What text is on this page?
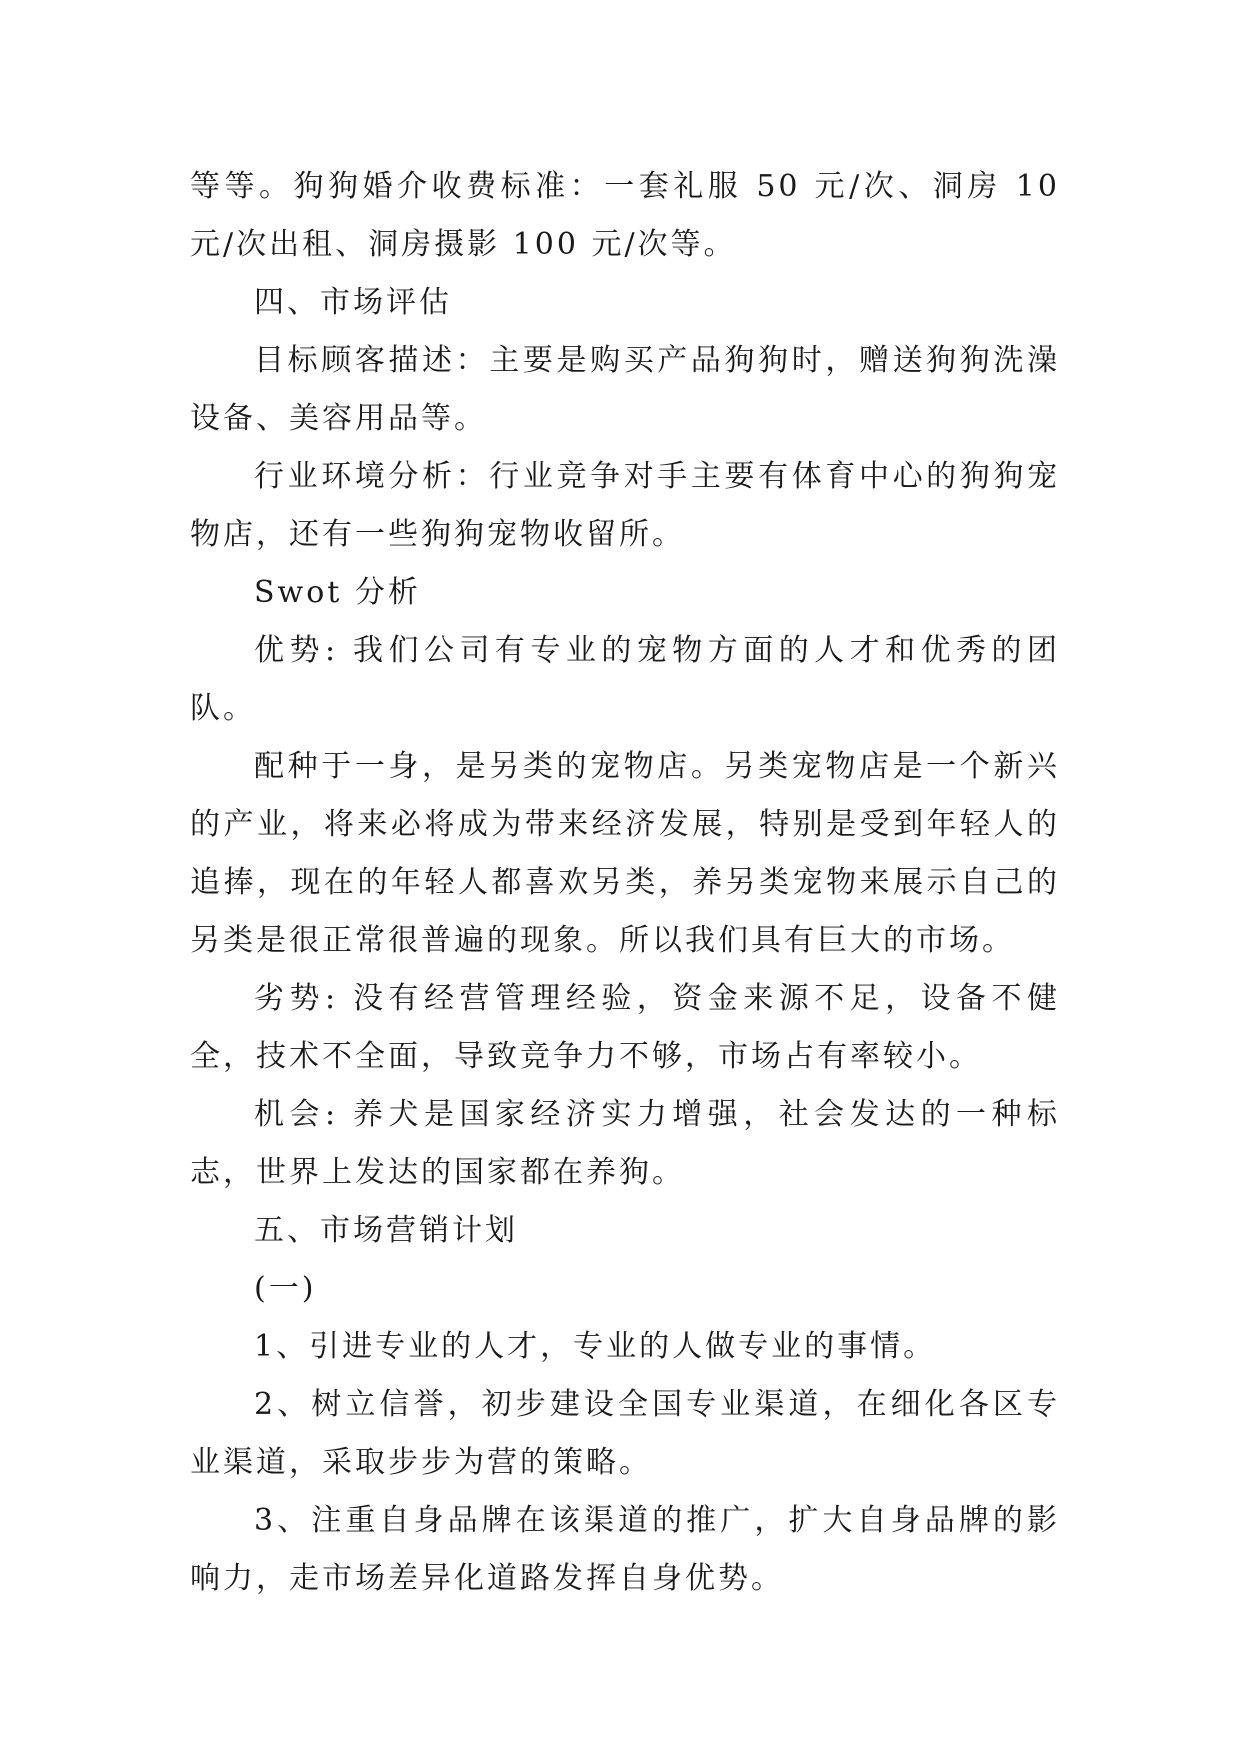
等等。狗狗婚介收费标准：一套礼服 50 元/次、洞房 10 元/次出租、洞房摄影 100 元/次等。

四、市场评估

目标顾客描述：主要是购买产品狗狗时，赠送狗狗洗澡设备、美容用品等。

行业环境分析：行业竞争对手主要有体育中心的狗狗宠物店，还有一些狗狗宠物收留所。

Swot 分析

优势: 我们公司有专业的宠物方面的人才和优秀的团队。

配种于一身，是另类的宠物店。另类宠物店是一个新兴的产业，将来必将成为带来经济发展，特别是受到年轻人的追捧，现在的年轻人都喜欢另类，养另类宠物来展示自己的另类是很正常很普遍的现象。所以我们具有巨大的市场。

劣势: 没有经营管理经验，资金来源不足，设备不健全，技术不全面，导致竞争力不够，市场占有率较小。

机会: 养犬是国家经济实力增强，社会发达的一种标志，世界上发达的国家都在养狗。

五、市场营销计划

(一)

1、引进专业的人才，专业的人做专业的事情。

2、树立信誉，初步建设全国专业渠道，在细化各区专业渠道，采取步步为营的策略。

3、注重自身品牌在该渠道的推广，扩大自身品牌的影响力，走市场差异化道路发挥自身优势。
